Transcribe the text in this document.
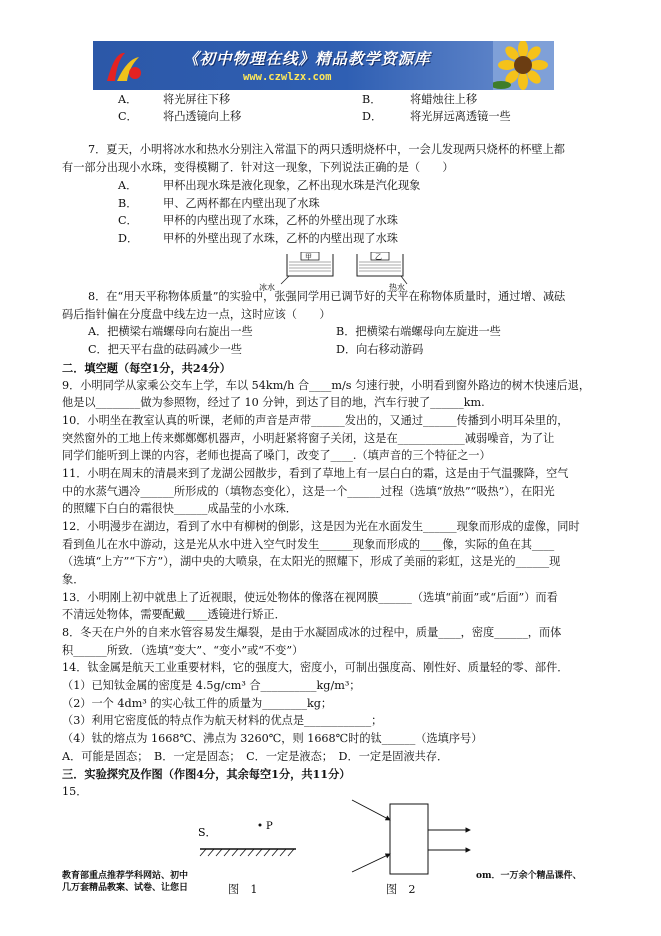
《初中物理在线》精品教学资源库
www.czwlzx.com
A． 将光屏往下移	B．	将蜡烛往上移
C． 将凸透镜向上移	D． 将光屏远离透镜一些
7．夏天，小明将冰水和热水分别注入常温下的两只透明烧杯中，一会儿发现两只烧杯的杯壁上都
有一部分出现小水珠，变得模糊了．针对这一现象，下列说法正确的是（　　）
A． 甲杯出现水珠是液化现象，乙杯出现水珠是汽化现象
B． 甲、乙两杯都在内壁出现了水珠
C． 甲杯的内壁出现了水珠，乙杯的外壁出现了水珠
D． 甲杯的外壁出现了水珠，乙杯的内壁出现了水珠
甲	乙
冰水	热水
8．在“用天平称物体质量”的实验中，张强同学用已调节好的天平在称物体质量时，通过增、减砝
码后指针偏在分度盘中线左边一点，这时应该（　　）
A．把横梁右端螺母向右旋出一些	B．把横梁右端螺母向左旋进一些
C．把天平右盘的砝码减少一些	D．向右移动游码
二．填空题（每空1分，共24分）
9．小明同学从家乘公交车上学，车以 54km/h 合____m/s 匀速行驶，小明看到窗外路边的树木快速后退，
他是以________做为参照物，经过了 10 分钟，到达了目的地，汽车行驶了______km.
10．小明坐在教室认真的听课，老师的声音是声带______发出的，又通过______传播到小明耳朵里的，
突然窗外的工地上传来鄭鄭鄭机器声，小明赶紧将窗子关闭，这是在____________减弱噪音，为了让
同学们能听到上课的内容，老师也提高了嗓门，改变了____.（填声音的三个特征之一）
11．小明在周末的清晨来到了龙湖公园散步，看到了草地上有一层白白的霜，这是由于气温骤降，空气
中的水蒸气遇冷______所形成的（填物态变化），这是一个______过程（选填“放热”“吸热”），在阳光
的照耀下白白的霜很快______成晶莹的小水珠．
12．小明漫步在湖边，看到了水中有柳树的倒影，这是因为光在水面发生______现象而形成的虚像，同时
看到鱼儿在水中游动，这是光从水中进入空气时发生______现象而形成的____像，实际的鱼在其____
（选填“上方”“下方”），湖中央的大喷泉，在太阳光的照耀下，形成了美丽的彩虹，这是光的______现
象．
13．小明刚上初中就患上了近视眼，使远处物体的像落在视网膜______（选填“前面”或“后面”）而看
不清远处物体，需要配戴____透镜进行矫正．
8．冬天在户外的自来水管容易发生爆裂，是由于水凝固成冰的过程中，质量____，密度______，而体
积______所致．（选填“变大”、“变小”或“不变”）
14．钛金属是航天工业重要材料，它的强度大，密度小，可制出强度高、刚性好、质量轻的零、部件．
（1）已知钛金属的密度是 4.5g/cm³ 合__________kg/m³；
（2）一个 4dm³ 的实心钛工件的质量为________kg；
（3）利用它密度低的特点作为航天材料的优点是____________；
（4）钛的熔点为 1668℃、沸点为 3260℃，则 1668℃时的钛______（选填序号）
A．可能是固态；　B．一定是固态；　C．一定是液态；　D．一定是固液共存．
三．实验探究及作图（作图4分，其余每空1分，共11分）
15．
S．	P
教育部重点推荐学科网站、初中
几万套精品教案、试卷、让您日
om．一万余个精品课件、
图　1	图　2
